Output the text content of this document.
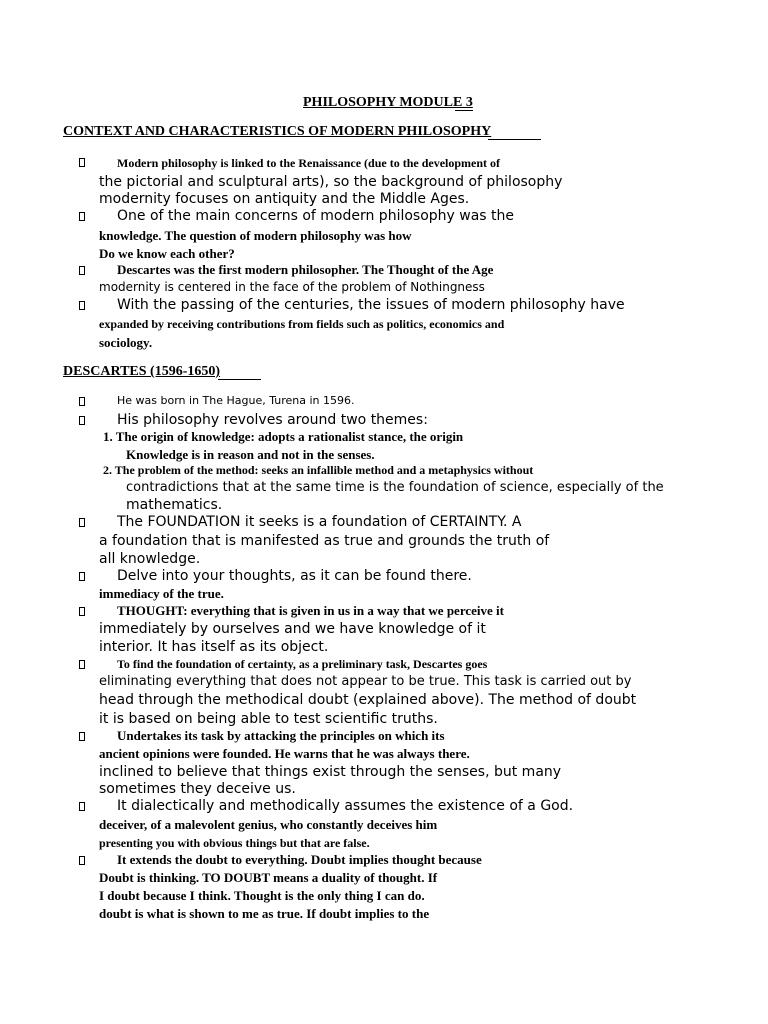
PHILOSOPHY MODULE 3
CONTEXT AND CHARACTERISTICS OF MODERN PHILOSOPHY
Modern philosophy is linked to the Renaissance (due to the development of
the pictorial and sculptural arts), so the background of philosophy
modernity focuses on antiquity and the Middle Ages.
One of the main concerns of modern philosophy was the
knowledge. The question of modern philosophy was how
Do we know each other?
Descartes was the first modern philosopher. The Thought of the Age
modernity is centered in the face of the problem of Nothingness
With the passing of the centuries, the issues of modern philosophy have
expanded by receiving contributions from fields such as politics, economics and
sociology.
DESCARTES (1596-1650)
He was born in The Hague, Turena in 1596.
His philosophy revolves around two themes:
1. The origin of knowledge: adopts a rationalist stance, the origin
Knowledge is in reason and not in the senses.
2. The problem of the method: seeks an infallible method and a metaphysics without
contradictions that at the same time is the foundation of science, especially of the
mathematics.
The FOUNDATION it seeks is a foundation of CERTAINTY. A
a foundation that is manifested as true and grounds the truth of
all knowledge.
Delve into your thoughts, as it can be found there.
immediacy of the true.
THOUGHT: everything that is given in us in a way that we perceive it
immediately by ourselves and we have knowledge of it
interior. It has itself as its object.
To find the foundation of certainty, as a preliminary task, Descartes goes
eliminating everything that does not appear to be true. This task is carried out by
head through the methodical doubt (explained above). The method of doubt
it is based on being able to test scientific truths.
Undertakes its task by attacking the principles on which its
ancient opinions were founded. He warns that he was always there.
inclined to believe that things exist through the senses, but many
sometimes they deceive us.
It dialectically and methodically assumes the existence of a God.
deceiver, of a malevolent genius, who constantly deceives him
presenting you with obvious things but that are false.
It extends the doubt to everything. Doubt implies thought because
Doubt is thinking. TO DOUBT means a duality of thought. If
I doubt because I think. Thought is the only thing I can do.
doubt is what is shown to me as true. If doubt implies to the
